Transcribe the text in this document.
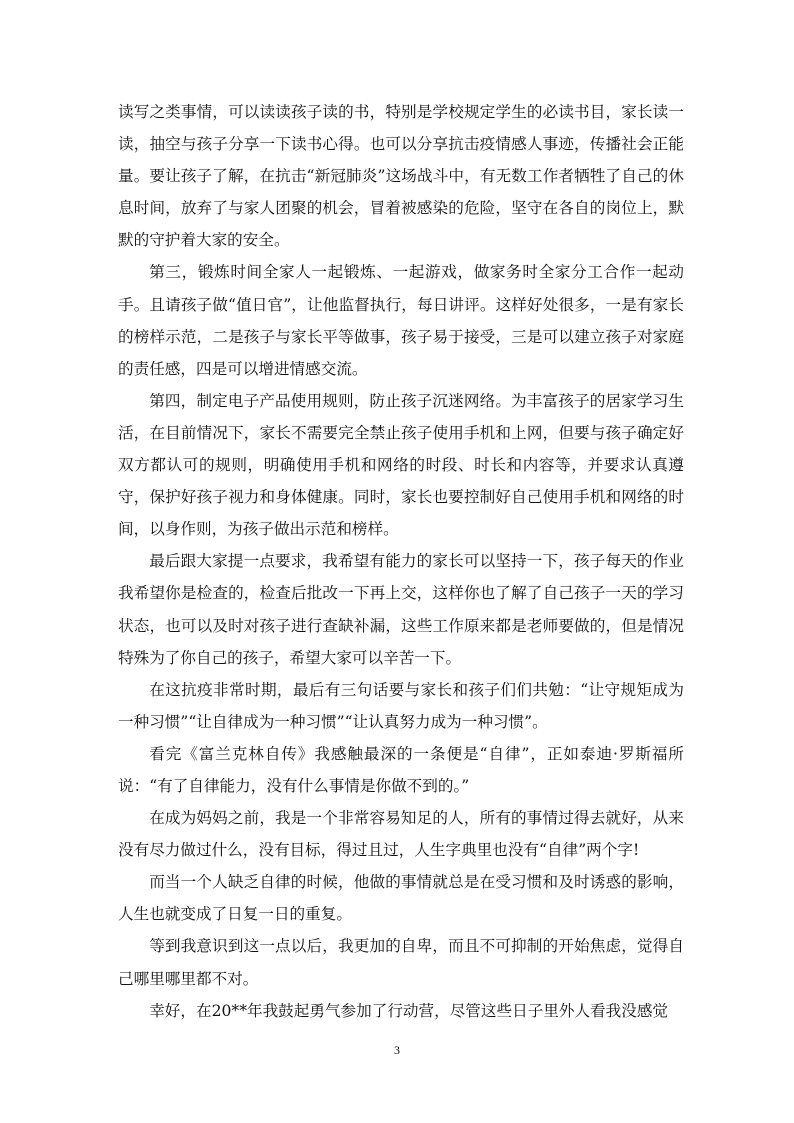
读写之类事情，可以读读孩子读的书，特别是学校规定学生的必读书目，家长读一读，抽空与孩子分享一下读书心得。也可以分享抗击疫情感人事迹，传播社会正能量。要让孩子了解，在抗击“新冠肺炎”这场战斗中，有无数工作者牺牲了自己的休息时间，放弃了与家人团聚的机会，冒着被感染的危险，坚守在各自的岗位上，默默的守护着大家的安全。

第三，锻炼时间全家人一起锻炼、一起游戏，做家务时全家分工合作一起动手。且请孩子做“值日官”，让他监督执行，每日讲评。这样好处很多，一是有家长的榜样示范，二是孩子与家长平等做事，孩子易于接受，三是可以建立孩子对家庭的责任感，四是可以增进情感交流。

第四，制定电子产品使用规则，防止孩子沉迷网络。为丰富孩子的居家学习生活，在目前情况下，家长不需要完全禁止孩子使用手机和上网，但要与孩子确定好双方都认可的规则，明确使用手机和网络的时段、时长和内容等，并要求认真遵守，保护好孩子视力和身体健康。同时，家长也要控制好自己使用手机和网络的时间，以身作则，为孩子做出示范和榜样。

最后跟大家提一点要求，我希望有能力的家长可以坚持一下，孩子每天的作业我希望你是检查的，检查后批改一下再上交，这样你也了解了自己孩子一天的学习状态，也可以及时对孩子进行查缺补漏，这些工作原来都是老师要做的，但是情况特殊为了你自己的孩子，希望大家可以辛苦一下。

在这抗疫非常时期，最后有三句话要与家长和孩子们们共勉：“让守规矩成为一种习惯”“让自律成为一种习惯”“让认真努力成为一种习惯”。

看完《富兰克林自传》我感触最深的一条便是“自律”，正如泰迪·罗斯福所说：“有了自律能力，没有什么事情是你做不到的。”

在成为妈妈之前，我是一个非常容易知足的人，所有的事情过得去就好，从来没有尽力做过什么，没有目标，得过且过，人生字典里也没有“自律”两个字!

而当一个人缺乏自律的时候，他做的事情就总是在受习惯和及时诱惑的影响，人生也就变成了日复一日的重复。

等到我意识到这一点以后，我更加的自卑，而且不可抑制的开始焦虑，觉得自己哪里哪里都不对。

幸好，在20**年我鼓起勇气参加了行动营，尽管这些日子里外人看我没感觉

3
